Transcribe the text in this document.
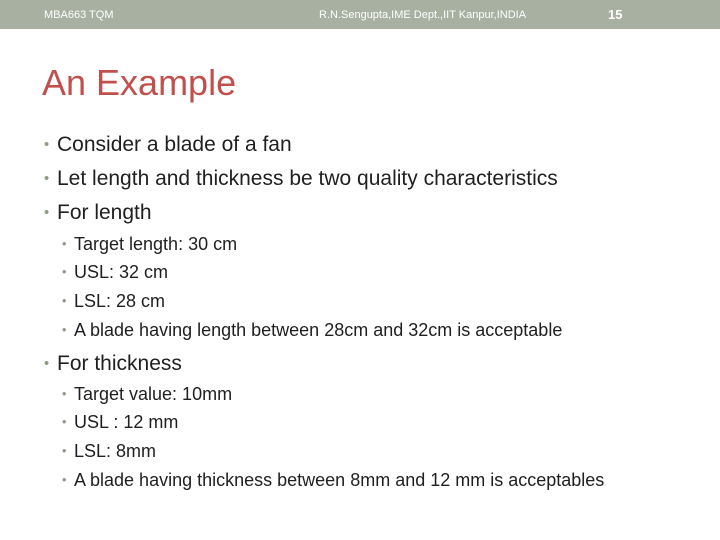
MBA663 TQM	R.N.Sengupta,IME Dept.,IIT Kanpur,INDIA	15
An Example
• Consider a blade of a fan
• Let length and thickness be two quality characteristics
• For length
• Target length: 30 cm
• USL: 32 cm
• LSL: 28 cm
• A blade having length between 28cm and 32cm is acceptable
• For thickness
• Target value: 10mm
• USL : 12 mm
• LSL: 8mm
• A blade having thickness between 8mm and 12 mm is acceptables
